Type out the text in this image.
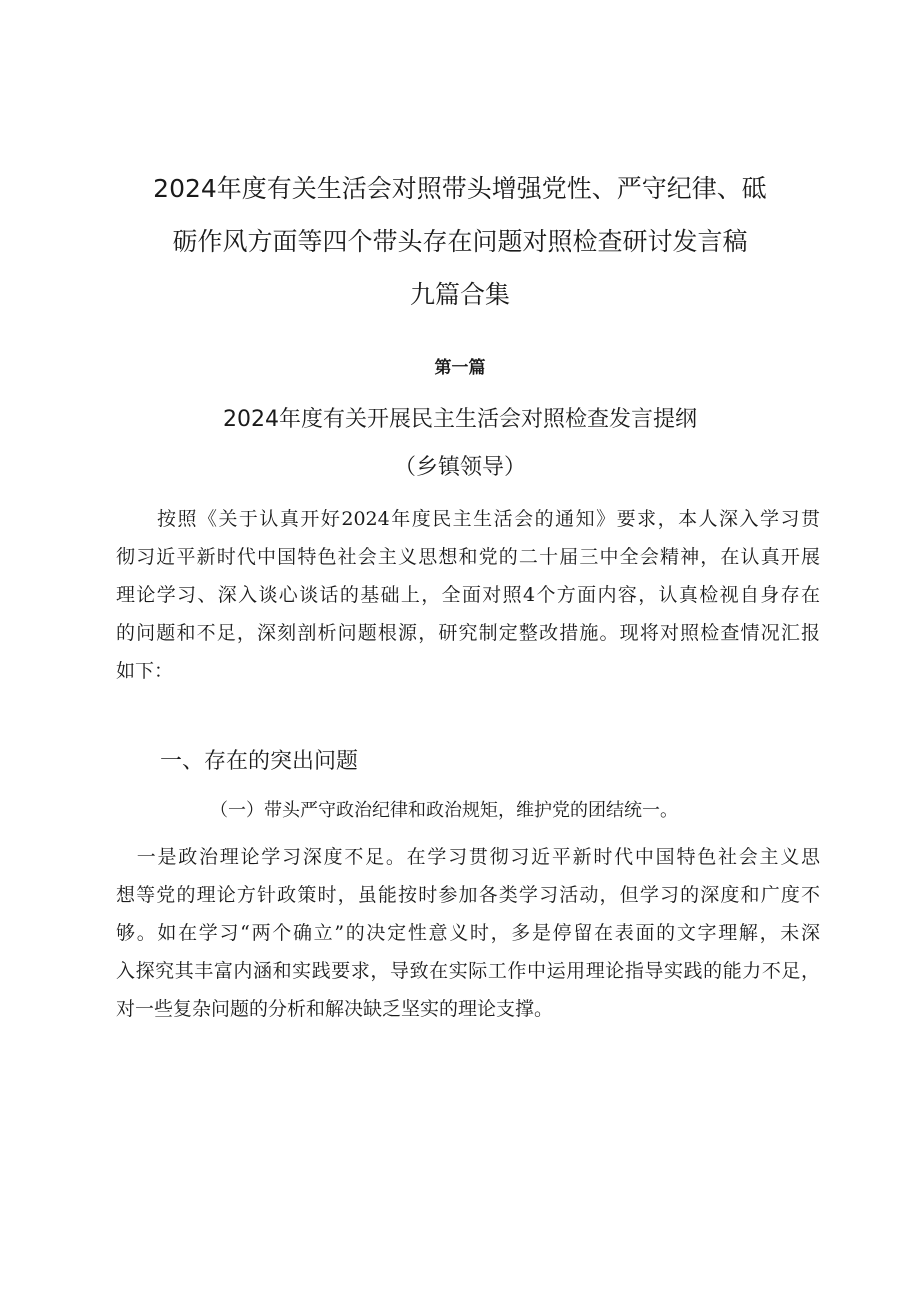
2024年度有关生活会对照带头增强党性、严守纪律、砥
砺作风方面等四个带头存在问题对照检查研讨发言稿
九篇合集
第一篇
2024年度有关开展民主生活会对照检查发言提纲
（乡镇领导）
　　按照《关于认真开好2024年度民主生活会的通知》要求，本人深入学习贯
彻习近平新时代中国特色社会主义思想和党的二十届三中全会精神，在认真开展
理论学习、深入谈心谈话的基础上，全面对照4个方面内容，认真检视自身存在
的问题和不足，深刻剖析问题根源，研究制定整改措施。现将对照检查情况汇报
如下：
一、存在的突出问题
（一）带头严守政治纪律和政治规矩，维护党的团结统一。
　一是政治理论学习深度不足。在学习贯彻习近平新时代中国特色社会主义思
想等党的理论方针政策时，虽能按时参加各类学习活动，但学习的深度和广度不
够。如在学习“两个确立”的决定性意义时，多是停留在表面的文字理解，未深
入探究其丰富内涵和实践要求，导致在实际工作中运用理论指导实践的能力不足，
对一些复杂问题的分析和解决缺乏坚实的理论支撑。
